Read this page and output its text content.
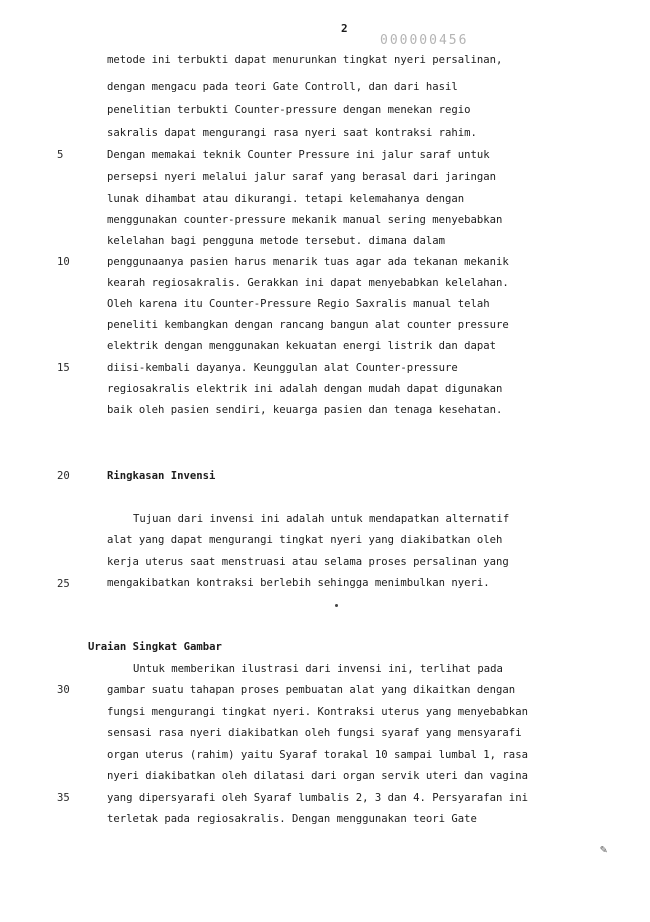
2
000000456
metode ini terbukti dapat menurunkan tingkat nyeri persalinan,
dengan mengacu pada teori Gate Controll, dan dari hasil
penelitian terbukti Counter-pressure dengan menekan regio
sakralis dapat mengurangi rasa nyeri saat kontraksi rahim.
Dengan memakai teknik Counter Pressure ini jalur saraf untuk
persepsi nyeri melalui jalur saraf yang berasal dari jaringan
lunak dihambat atau dikurangi. tetapi kelemahanya dengan
menggunakan counter-pressure mekanik manual sering menyebabkan
kelelahan bagi pengguna metode tersebut. dimana dalam
penggunaanya pasien harus menarik tuas agar ada tekanan mekanik
kearah regiosakralis. Gerakkan ini dapat menyebabkan kelelahan.
Oleh karena itu Counter-Pressure Regio Saxralis manual telah
peneliti kembangkan dengan rancang bangun alat counter pressure
elektrik dengan menggunakan kekuatan energi listrik dan dapat
diisi-kembali dayanya. Keunggulan alat Counter-pressure
regiosakralis elektrik ini adalah dengan mudah dapat digunakan
baik oleh pasien sendiri, keuarga pasien dan tenaga kesehatan.
Ringkasan Invensi
Tujuan dari invensi ini adalah untuk mendapatkan alternatif
alat yang dapat mengurangi tingkat nyeri yang diakibatkan oleh
kerja uterus saat menstruasi atau selama proses persalinan yang
mengakibatkan kontraksi berlebih sehingga menimbulkan nyeri.
Uraian Singkat Gambar
Untuk memberikan ilustrasi dari invensi ini, terlihat pada
gambar suatu tahapan proses pembuatan alat yang dikaitkan dengan
fungsi mengurangi tingkat nyeri. Kontraksi uterus yang menyebabkan
sensasi rasa nyeri diakibatkan oleh fungsi syaraf yang mensyarafi
organ uterus (rahim) yaitu Syaraf torakal 10 sampai lumbal 1, rasa
nyeri diakibatkan oleh dilatasi dari organ servik uteri dan vagina
yang dipersyarafi oleh Syaraf lumbalis 2, 3 dan 4. Persyarafan ini
terletak pada regiosakralis. Dengan menggunakan teori Gate
5
10
15
20
25
30
35
✎
